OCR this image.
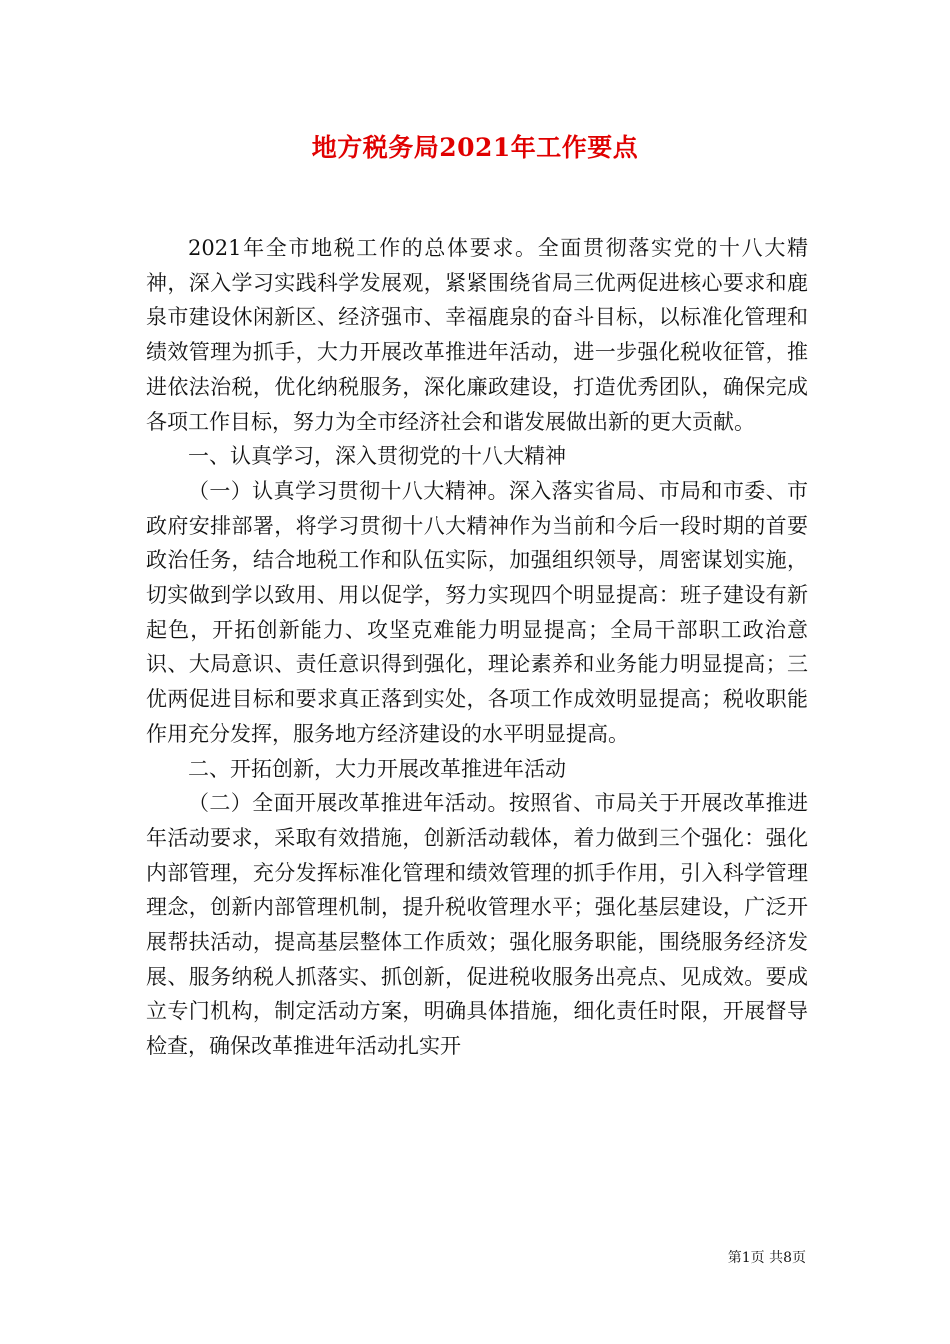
地方税务局2021年工作要点

2021年全市地税工作的总体要求。全面贯彻落实党的十八大精神，深入学习实践科学发展观，紧紧围绕省局三优两促进核心要求和鹿泉市建设休闲新区、经济强市、幸福鹿泉的奋斗目标，以标准化管理和绩效管理为抓手，大力开展改革推进年活动，进一步强化税收征管，推进依法治税，优化纳税服务，深化廉政建设，打造优秀团队，确保完成各项工作目标，努力为全市经济社会和谐发展做出新的更大贡献。

一、认真学习，深入贯彻党的十八大精神

（一）认真学习贯彻十八大精神。深入落实省局、市局和市委、市政府安排部署，将学习贯彻十八大精神作为当前和今后一段时期的首要政治任务，结合地税工作和队伍实际，加强组织领导，周密谋划实施，切实做到学以致用、用以促学，努力实现四个明显提高：班子建设有新起色，开拓创新能力、攻坚克难能力明显提高；全局干部职工政治意识、大局意识、责任意识得到强化，理论素养和业务能力明显提高；三优两促进目标和要求真正落到实处，各项工作成效明显提高；税收职能作用充分发挥，服务地方经济建设的水平明显提高。

二、开拓创新，大力开展改革推进年活动

（二）全面开展改革推进年活动。按照省、市局关于开展改革推进年活动要求，采取有效措施，创新活动载体，着力做到三个强化：强化内部管理，充分发挥标准化管理和绩效管理的抓手作用，引入科学管理理念，创新内部管理机制，提升税收管理水平；强化基层建设，广泛开展帮扶活动，提高基层整体工作质效；强化服务职能，围绕服务经济发展、服务纳税人抓落实、抓创新，促进税收服务出亮点、见成效。要成立专门机构，制定活动方案，明确具体措施，细化责任时限，开展督导检查，确保改革推进年活动扎实开

第1页 共8页
